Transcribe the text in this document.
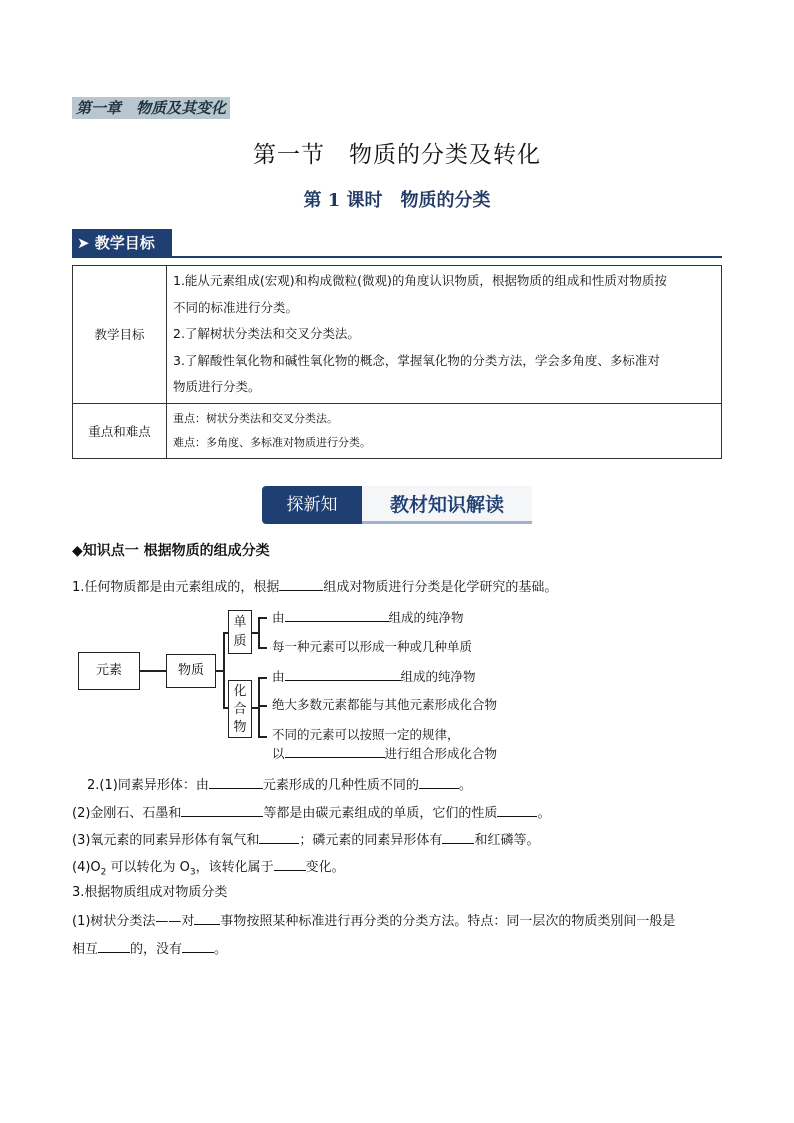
第一章　物质及其变化
第一节　物质的分类及转化
第 1 课时　物质的分类
➤ 教学目标
教学目标	1.能从元素组成(宏观)和构成微粒(微观)的角度认识物质，根据物质的组成和性质对物质按
不同的标准进行分类。
2.了解树状分类法和交叉分类法。
3.了解酸性氧化物和碱性氧化物的概念，掌握氧化物的分类方法，学会多角度、多标准对
物质进行分类。

重点和难点	重点：树状分类法和交叉分类法。
难点：多角度、多标准对物质进行分类。
探新知	教材知识解读
◆知识点一 根据物质的组成分类
1.任何物质都是由元素组成的，根据	组成对物质进行分类是化学研究的基础。
元素	物质
单质
化合物
由	组成的纯净物
每一种元素可以形成一种或几种单质
由	组成的纯净物
绝大多数元素都能与其他元素形成化合物
不同的元素可以按照一定的规律，
以	进行组合形成化合物
2.(1)同素异形体：由	元素形成的几种性质不同的	。
(2)金刚石、石墨和	等都是由碳元素组成的单质，它们的性质	。
(3)氧元素的同素异形体有氧气和	；磷元素的同素异形体有 和红磷等。
$(4)O_2$ 可以转化为 $O_3$，该转化属于 变化。
3.根据物质组成对物质分类
(1)树状分类法——对 事物按照某种标准进行再分类的分类方法。特点：同一层次的物质类别间一般是
相互 的，没有 。
